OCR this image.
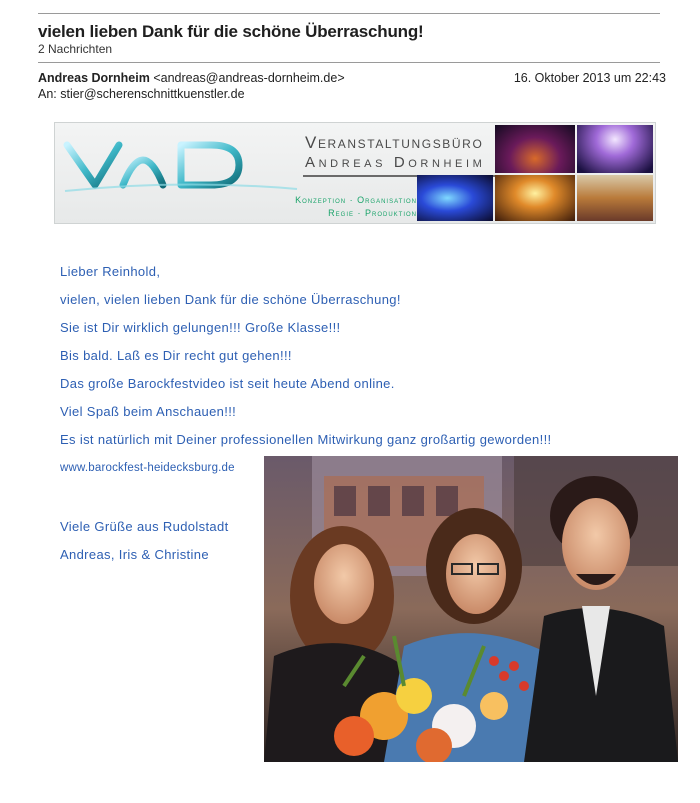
vielen lieben Dank für die schöne Überraschung!
2 Nachrichten
Andreas Dornheim <andreas@andreas-dornheim.de>	16. Oktober 2013 um 22:43
An: stier@scherenschnittkuenstler.de
Veranstaltungsbüro
Andreas Dornheim
Konzeption · Organisation
Regie · Produktion
Lieber Reinhold,
vielen, vielen lieben Dank für die schöne Überraschung!
Sie ist Dir wirklich gelungen!!! Große Klasse!!!
Bis bald. Laß es Dir recht gut gehen!!!
Das große Barockfestvideo ist seit heute Abend online.
Viel Spaß beim Anschauen!!!
Es ist natürlich mit Deiner professionellen Mitwirkung ganz großartig geworden!!!
www.barockfest-heidecksburg.de
Viele Grüße aus Rudolstadt
Andreas, Iris & Christine
